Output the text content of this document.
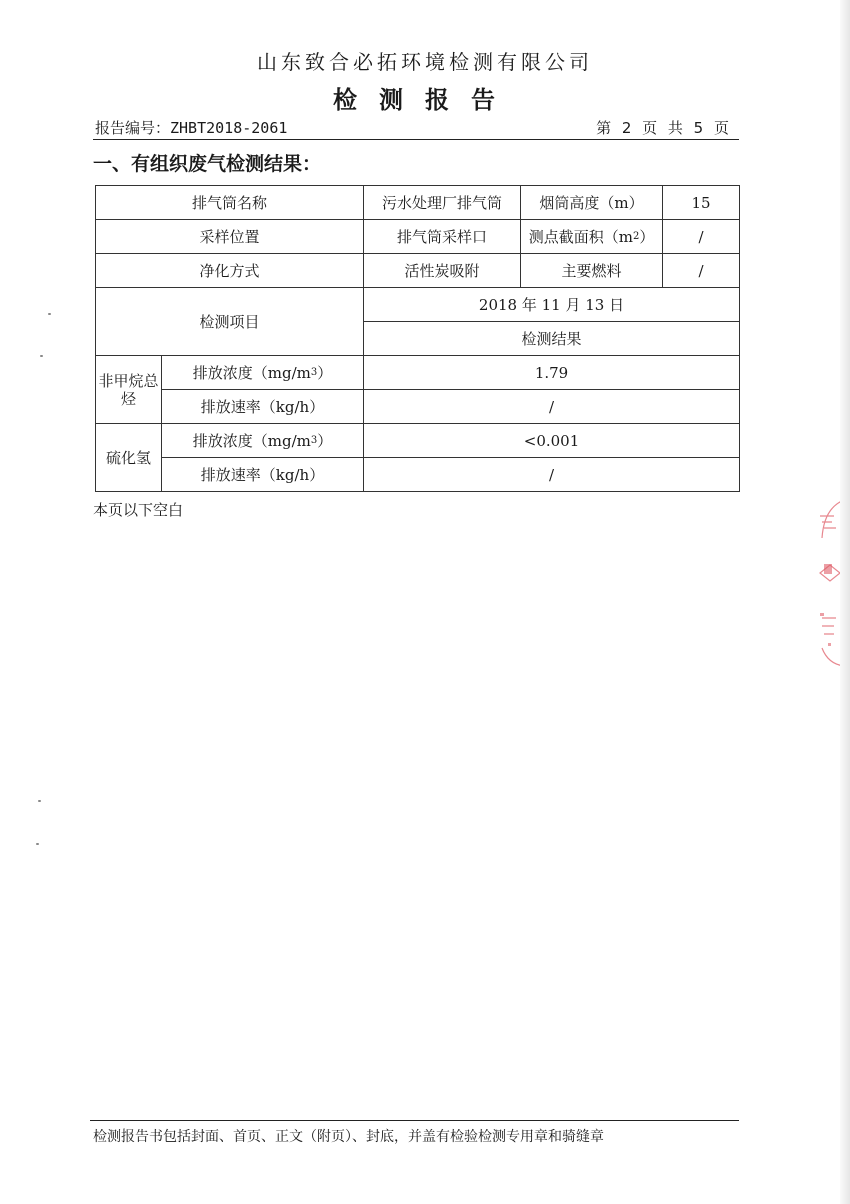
山东致合必拓环境检测有限公司
检测报告
报告编号：ZHBT2018-2061	第 2 页 共 5 页
一、有组织废气检测结果：
排气筒名称		污水处理厂排气筒	烟筒高度（m）	15
采样位置		排气筒采样口	测点截面积$(m^2)$	/
净化方式		活性炭吸附	主要燃料	/
检测项目		2018 年 11 月 13 日		
		检测结果		
非甲烷总烃	排放浓度$(mg/m^3)$	1.79		
	排放速率（kg/h）	/		
硫化氢	排放浓度$(mg/m^3)$	<0.001		
	排放速率（kg/h）	/		
本页以下空白
检测报告书包括封面、首页、正文（附页）、封底，并盖有检验检测专用章和骑缝章
